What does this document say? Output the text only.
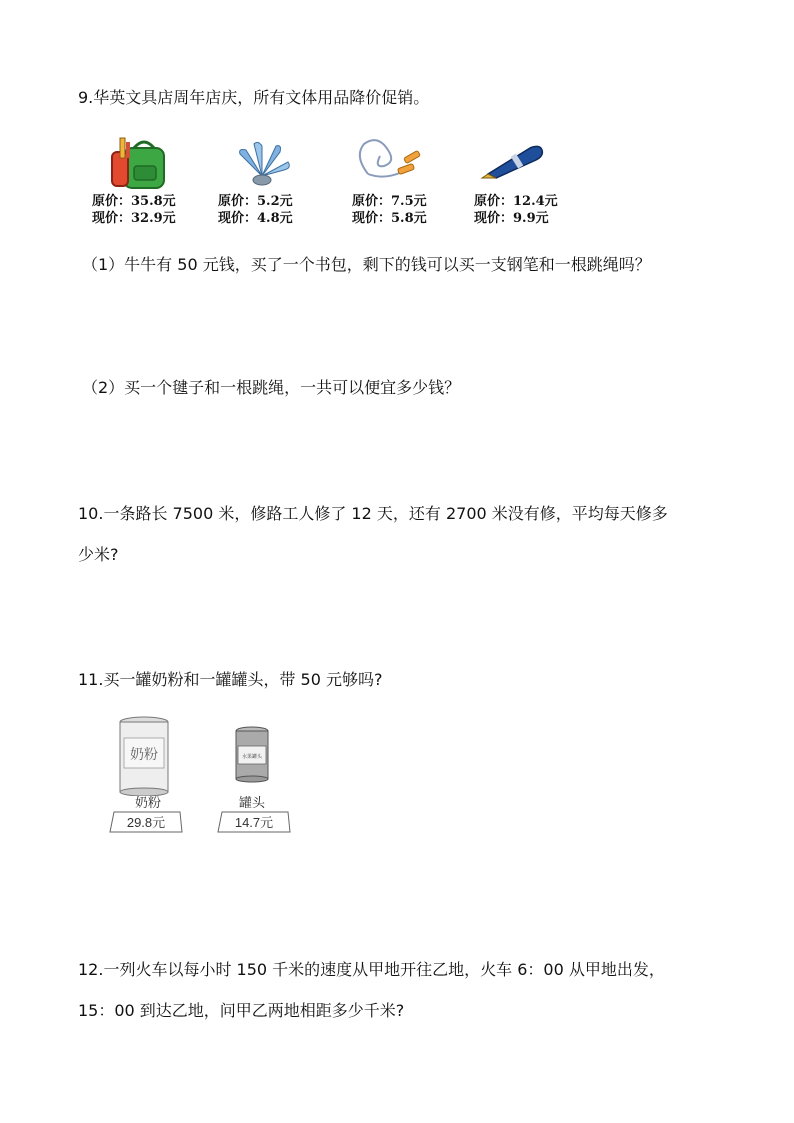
9.华英文具店周年店庆，所有文体用品降价促销。
原价：35.8元
现价：32.9元
原价：5.2元
现价：4.8元
原价：7.5元
现价：5.8元
原价：12.4元
现价：9.9元
（1）牛牛有 50 元钱，买了一个书包，剩下的钱可以买一支钢笔和一根跳绳吗？
（2）买一个毽子和一根跳绳，一共可以便宜多少钱？
10.一条路长 7500 米，修路工人修了 12 天，还有 2700 米没有修，平均每天修多
少米?
11.买一罐奶粉和一罐罐头，带 50 元够吗?
奶粉
奶粉
29.8元
水果罐头
罐头
14.7元
12.一列火车以每小时 150 千米的速度从甲地开往乙地，火车 6：00 从甲地出发，
15：00 到达乙地，问甲乙两地相距多少千米?
